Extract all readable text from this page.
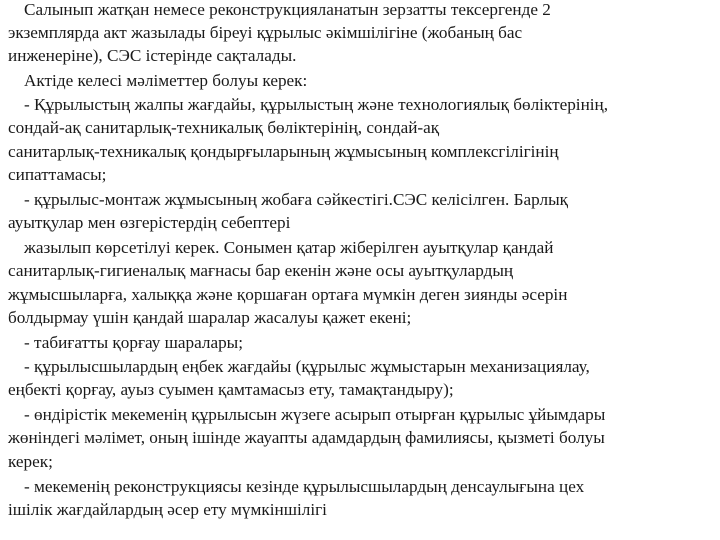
Салынып жатқан немесе реконструкцияланатын зерзатты тексергенде 2
экземплярда акт жазылады біреуі құрылыс әкімшілігіне (жобаның бас
инженеріне), СЭС істерінде сақталады.
Актіде келесі мәліметтер болуы керек:
- Құрылыстың жалпы жағдайы, құрылыстың және технологиялық бөліктерінің,
сондай-ақ санитарлық-техникалық бөліктерінің, сондай-ақ
санитарлық-техникалық қондырғыларының жұмысының комплексгілігінің
сипаттамасы;
- құрылыс-монтаж жұмысының жобаға сәйкестігі.СЭС келісілген. Барлық
ауытқулар мен өзгерістердің себептері
жазылып көрсетілуі керек. Сонымен қатар жіберілген ауытқулар қандай
санитарлық-гигиеналық мағнасы бар екенін және осы ауытқулардың
жұмысшыларға, халыққа және қоршаған ортаға мүмкін деген зиянды әсерін
болдырмау үшін қандай шаралар жасалуы қажет екені;
- табиғатты қорғау шаралары;
- құрылысшылардың еңбек жағдайы (құрылыс жұмыстарын механизациялау,
еңбекті қорғау, ауыз суымен қамтамасыз ету, тамақтандыру);
- өндірістік мекеменің құрылысын жүзеге асырып отырған құрылыс ұйымдары
жөніндегі мәлімет, оның ішінде жауапты адамдардың фамилиясы, қызметі болуы
керек;
- мекеменің реконструкциясы кезінде құрылысшылардың денсаулығына цех
ішілік жағдайлардың әсер ету мүмкіншілігі
